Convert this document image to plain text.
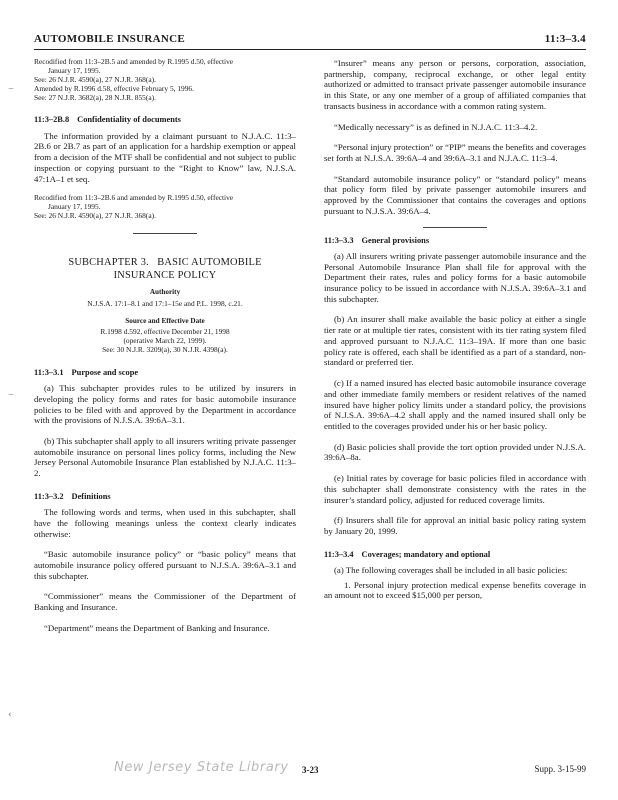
AUTOMOBILE INSURANCE	11:3–3.4
Recodified from 11:3–2B.5 and amended by R.1995 d.50, effective
January 17, 1995.
See: 26 N.J.R. 4590(a), 27 N.J.R. 368(a).
Amended by R.1996 d.58, effective February 5, 1996.
See: 27 N.J.R. 3682(a), 28 N.J.R. 855(a).
11:3–2B.8 Confidentiality of documents

The information provided by a claimant pursuant to N.J.A.C. 11:3–2B.6 or 2B.7 as part of an application for a hardship exemption or appeal from a decision of the MTF shall be confidential and not subject to public inspection or copying pursuant to the “Right to Know” law, N.J.S.A. 47:1A–1 et seq.

Recodified from 11:3–2B.6 and amended by R.1995 d.50, effective
January 17, 1995.
See: 26 N.J.R. 4590(a), 27 N.J.R. 368(a).
SUBCHAPTER 3.   BASIC AUTOMOBILE
INSURANCE POLICY
Authority
N.J.S.A. 17:1–8.1 and 17:1–15e and P.L. 1998, c.21.
Source and Effective Date
R.1998 d.592, effective December 21, 1998
(operative March 22, 1999).
See: 30 N.J.R. 3209(a), 30 N.J.R. 4398(a).
11:3–3.1 Purpose and scope

(a) This subchapter provides rules to be utilized by insurers in developing the policy forms and rates for basic automobile insurance policies to be filed with and approved by the Department in accordance with the provisions of N.J.S.A. 39:6A–3.1.

(b) This subchapter shall apply to all insurers writing private passenger automobile insurance on personal lines policy forms, including the New Jersey Personal Automobile Insurance Plan established by N.J.A.C. 11:3–2.

11:3–3.2 Definitions

The following words and terms, when used in this subchapter, shall have the following meanings unless the context clearly indicates otherwise:

“Basic automobile insurance policy” or “basic policy” means that automobile insurance policy offered pursuant to N.J.S.A. 39:6A–3.1 and this subchapter.

“Commissioner” means the Commissioner of the Department of Banking and Insurance.

“Department” means the Department of Banking and Insurance.

“Insurer” means any person or persons, corporation, association, partnership, company, reciprocal exchange, or other legal entity authorized or admitted to transact private passenger automobile insurance in this State, or any one member of a group of affiliated companies that transacts business in accordance with a common rating system.

“Medically necessary” is as defined in N.J.A.C. 11:3–4.2.

“Personal injury protection” or “PIP” means the benefits and coverages set forth at N.J.S.A. 39:6A–4 and 39:6A–3.1 and N.J.A.C. 11:3–4.

“Standard automobile insurance policy” or “standard policy” means that policy form filed by private passenger automobile insurers and approved by the Commissioner that contains the coverages and options pursuant to N.J.S.A. 39:6A–4.

11:3–3.3 General provisions

(a) All insurers writing private passenger automobile insurance and the Personal Automobile Insurance Plan shall file for approval with the Department their rates, rules and policy forms for a basic automobile insurance policy to be issued in accordance with N.J.S.A. 39:6A–3.1 and this subchapter.

(b) An insurer shall make available the basic policy at either a single tier rate or at multiple tier rates, consistent with its tier rating system filed and approved pursuant to N.J.A.C. 11:3–19A. If more than one basic policy rate is offered, each shall be identified as a part of a standard, non-standard or preferred tier.

(c) If a named insured has elected basic automobile insurance coverage and other immediate family members or resident relatives of the named insured have higher policy limits under a standard policy, the provisions of N.J.S.A. 39:6A–4.2 shall apply and the named insured shall only be entitled to the coverages provided under his or her basic policy.

(d) Basic policies shall provide the tort option provided under N.J.S.A. 39:6A–8a.

(e) Initial rates by coverage for basic policies filed in accordance with this subchapter shall demonstrate consistency with the rates in the insurer’s standard policy, adjusted for reduced coverage limits.

(f) Insurers shall file for approval an initial basic policy rating system by January 20, 1999.

11:3–3.4 Coverages; mandatory and optional

(a) The following coverages shall be included in all basic policies:

1. Personal injury protection medical expense benefits coverage in an amount not to exceed $15,000 per person,

⌣
⌣
‹
New Jersey State Library 3-23	Supp. 3-15-99
